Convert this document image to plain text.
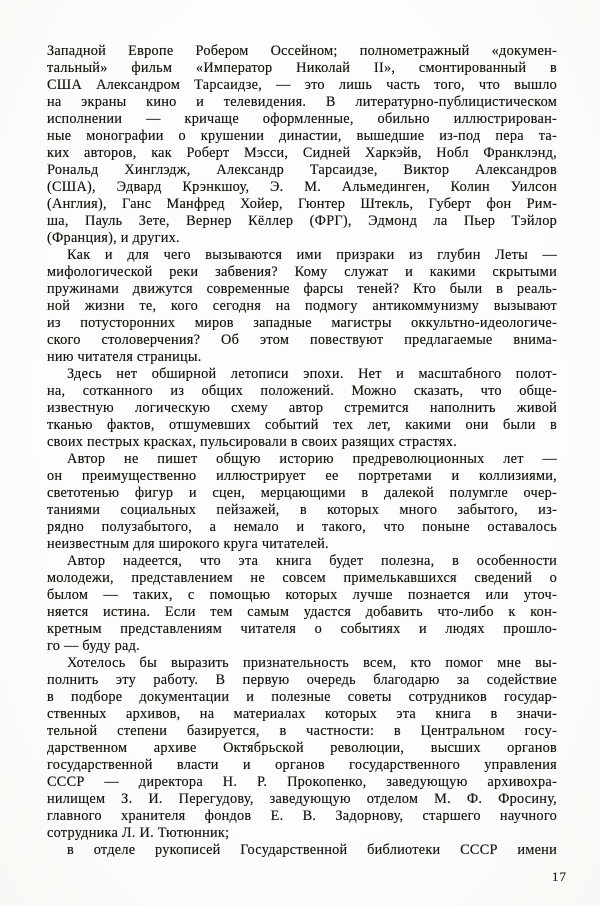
Западной Европе Робером Оссейном; полнометражный «докумен-
тальный» фильм «Император Николай II», смонтированный в
США Александром Тарсаидзе, — это лишь часть того, что вышло
на экраны кино и телевидения. В литературно-публицистическом
исполнении — кричаще оформленные, обильно иллюстрирован-
ные монографии о крушении династии, вышедшие из-под пера та-
ких авторов, как Роберт Мэсси, Сидней Харкэйв, Нобл Франклэнд,
Рональд Хинглэдж, Александр Тарсаидзе, Виктор Александров
(США), Эдвард Крэнкшоу, Э. М. Альмединген, Колин Уилсон
(Англия), Ганс Манфред Хойер, Гюнтер Штекль, Губерт фон Рим-
ша, Пауль Зете, Вернер Кёллер (ФРГ), Эдмонд ла Пьер Тэйлор
(Франция), и других.
Как и для чего вызываются ими призраки из глубин Леты —
мифологической реки забвения? Кому служат и какими скрытыми
пружинами движутся современные фарсы теней? Кто были в реаль-
ной жизни те, кого сегодня на подмогу антикоммунизму вызывают
из потусторонних миров западные магистры оккультно-идеологиче-
ского столоверчения? Об этом повествуют предлагаемые внима-
нию читателя страницы.
Здесь нет обширной летописи эпохи. Нет и масштабного полот-
на, сотканного из общих положений. Можно сказать, что обще-
известную логическую схему автор стремится наполнить живой
тканью фактов, отшумевших событий тех лет, какими они были в
своих пестрых красках, пульсировали в своих разящих страстях.
Автор не пишет общую историю предреволюционных лет —
он преимущественно иллюстрирует ее портретами и коллизиями,
светотенью фигур и сцен, мерцающими в далекой полумгле очер-
таниями социальных пейзажей, в которых много забытого, из-
рядно полузабытого, а немало и такого, что поныне оставалось
неизвестным для широкого круга читателей.
Автор надеется, что эта книга будет полезна, в особенности
молодежи, представлением не совсем примелькавшихся сведений о
былом — таких, с помощью которых лучше познается или уточ-
няется истина. Если тем самым удастся добавить что-либо к кон-
кретным представлениям читателя о событиях и людях прошло-
го — буду рад.
Хотелось бы выразить признательность всем, кто помог мне вы-
полнить эту работу. В первую очередь благодарю за содействие
в подборе документации и полезные советы сотрудников государ-
ственных архивов, на материалах которых эта книга в значи-
тельной степени базируется, в частности: в Центральном госу-
дарственном архиве Октябрьской революции, высших органов
государственной власти и органов государственного управления
СССР — директора Н. Р. Прокопенко, заведующую архивохра-
нилищем З. И. Перегудову, заведующую отделом М. Ф. Фросину,
главного хранителя фондов Е. В. Задорнову, старшего научного
сотрудника Л. И. Тютюнник;
в отделе рукописей Государственной библиотеки СССР имени
17
